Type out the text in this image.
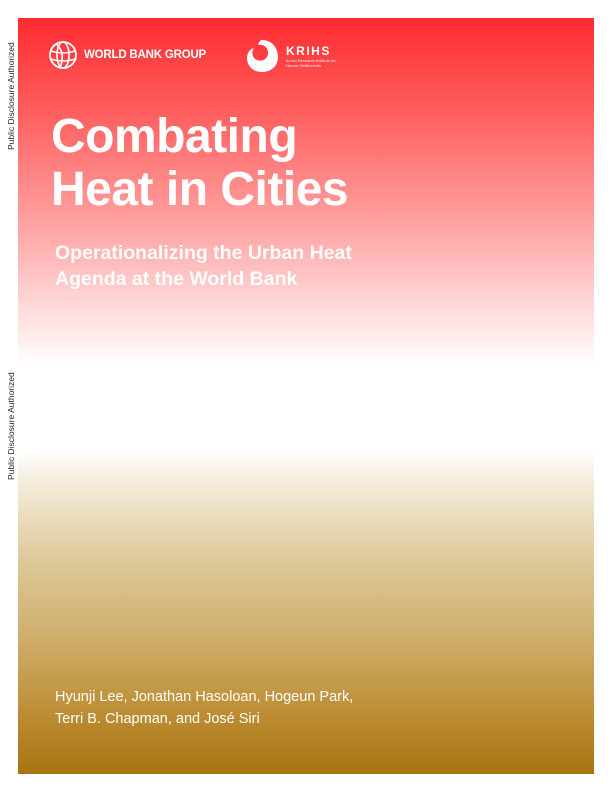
Public Disclosure Authorized
Public Disclosure Authorized
WORLD BANK GROUP	KRIHS
Korea Research Institute for Human Settlements
Combating
Heat in Cities
Operationalizing the Urban Heat
Agenda at the World Bank

Hyunji Lee, Jonathan Hasoloan, Hogeun Park,
Terri B. Chapman, and José Siri
